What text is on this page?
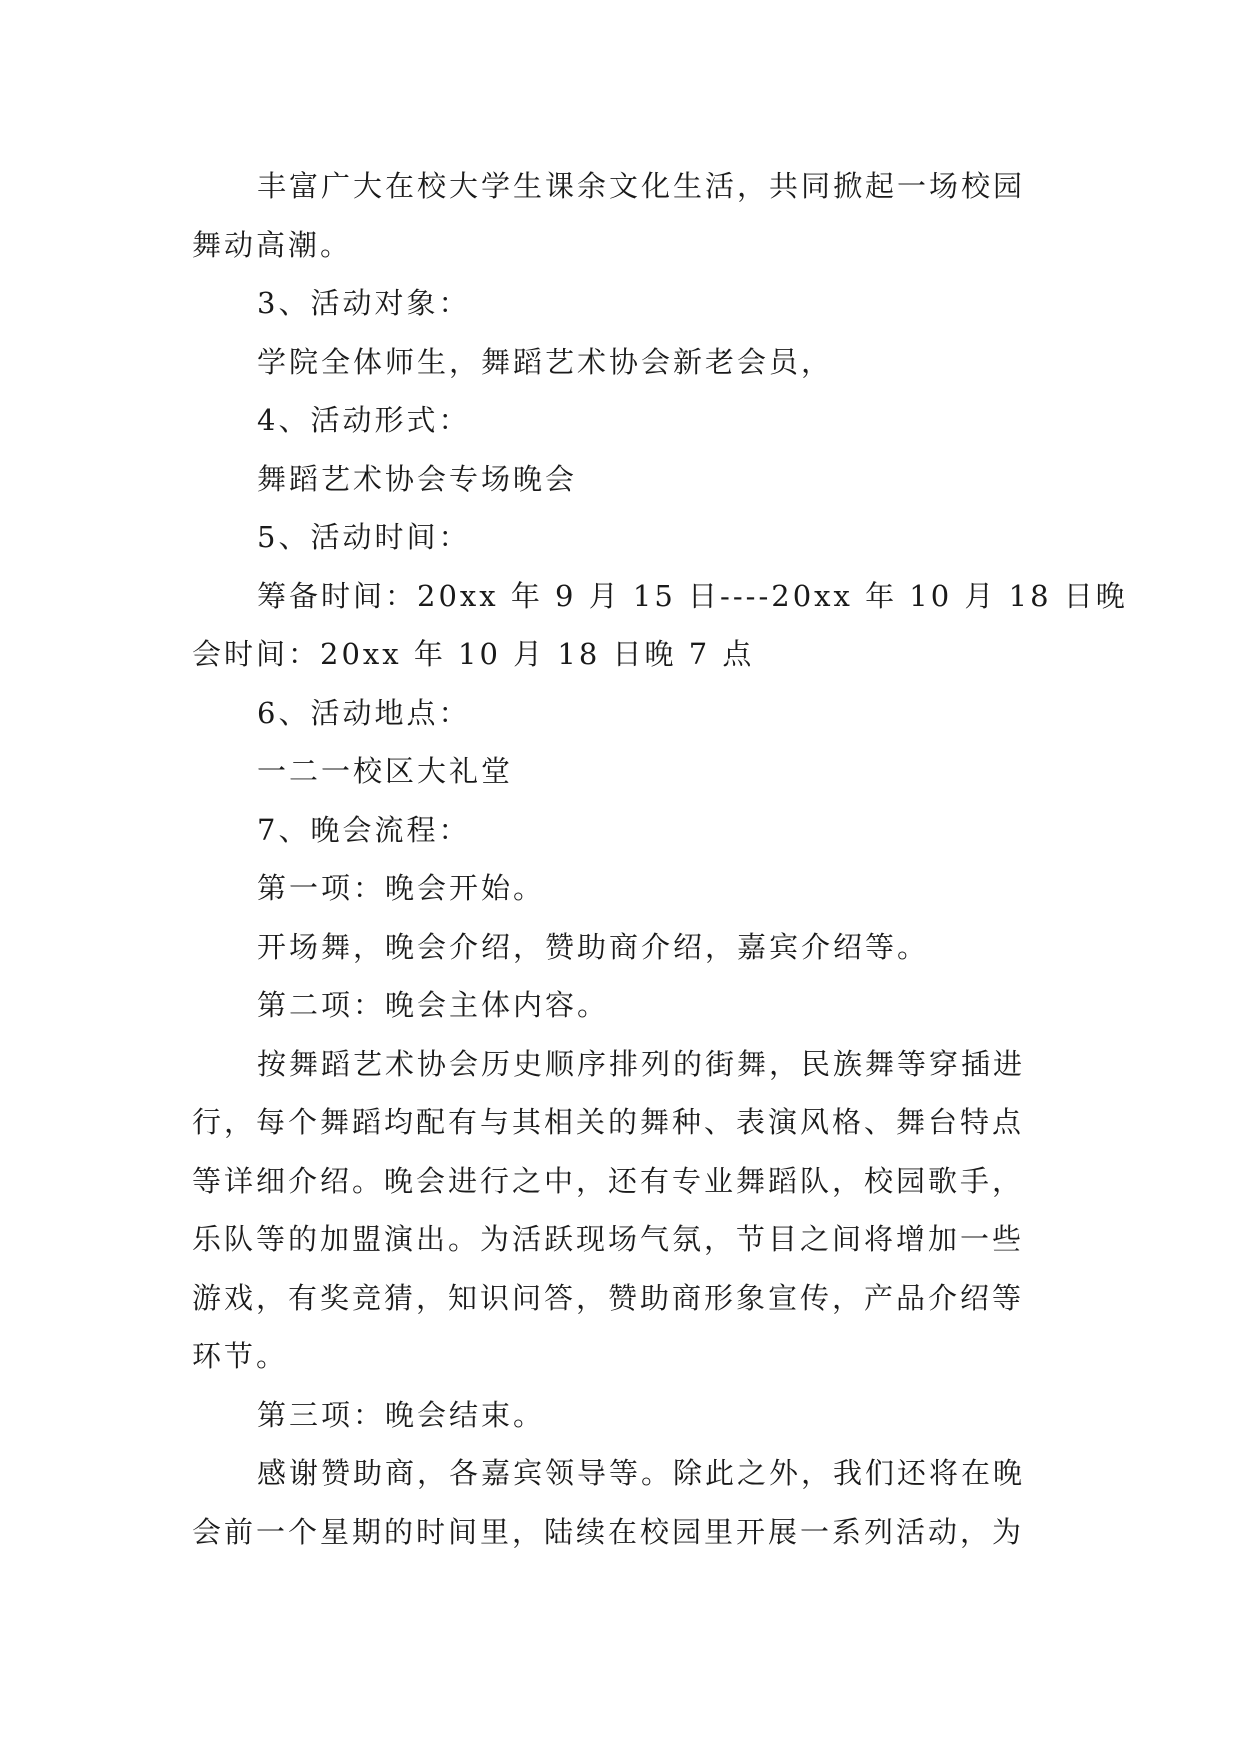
丰富广大在校大学生课余文化生活，共同掀起一场校园
舞动高潮。
3、活动对象：
学院全体师生，舞蹈艺术协会新老会员，
4、活动形式：
舞蹈艺术协会专场晚会
5、活动时间：
筹备时间：20xx 年 9 月 15 日----20xx 年 10 月 18 日晚
会时间：20xx 年 10 月 18 日晚 7 点
6、活动地点：
一二一校区大礼堂
7、晚会流程：
第一项：晚会开始。
开场舞，晚会介绍，赞助商介绍，嘉宾介绍等。
第二项：晚会主体内容。
按舞蹈艺术协会历史顺序排列的街舞，民族舞等穿插进
行，每个舞蹈均配有与其相关的舞种、表演风格、舞台特点
等详细介绍。晚会进行之中，还有专业舞蹈队，校园歌手，
乐队等的加盟演出。为活跃现场气氛，节目之间将增加一些
游戏，有奖竞猜，知识问答，赞助商形象宣传，产品介绍等
环节。
第三项：晚会结束。
感谢赞助商，各嘉宾领导等。除此之外，我们还将在晚
会前一个星期的时间里，陆续在校园里开展一系列活动，为
